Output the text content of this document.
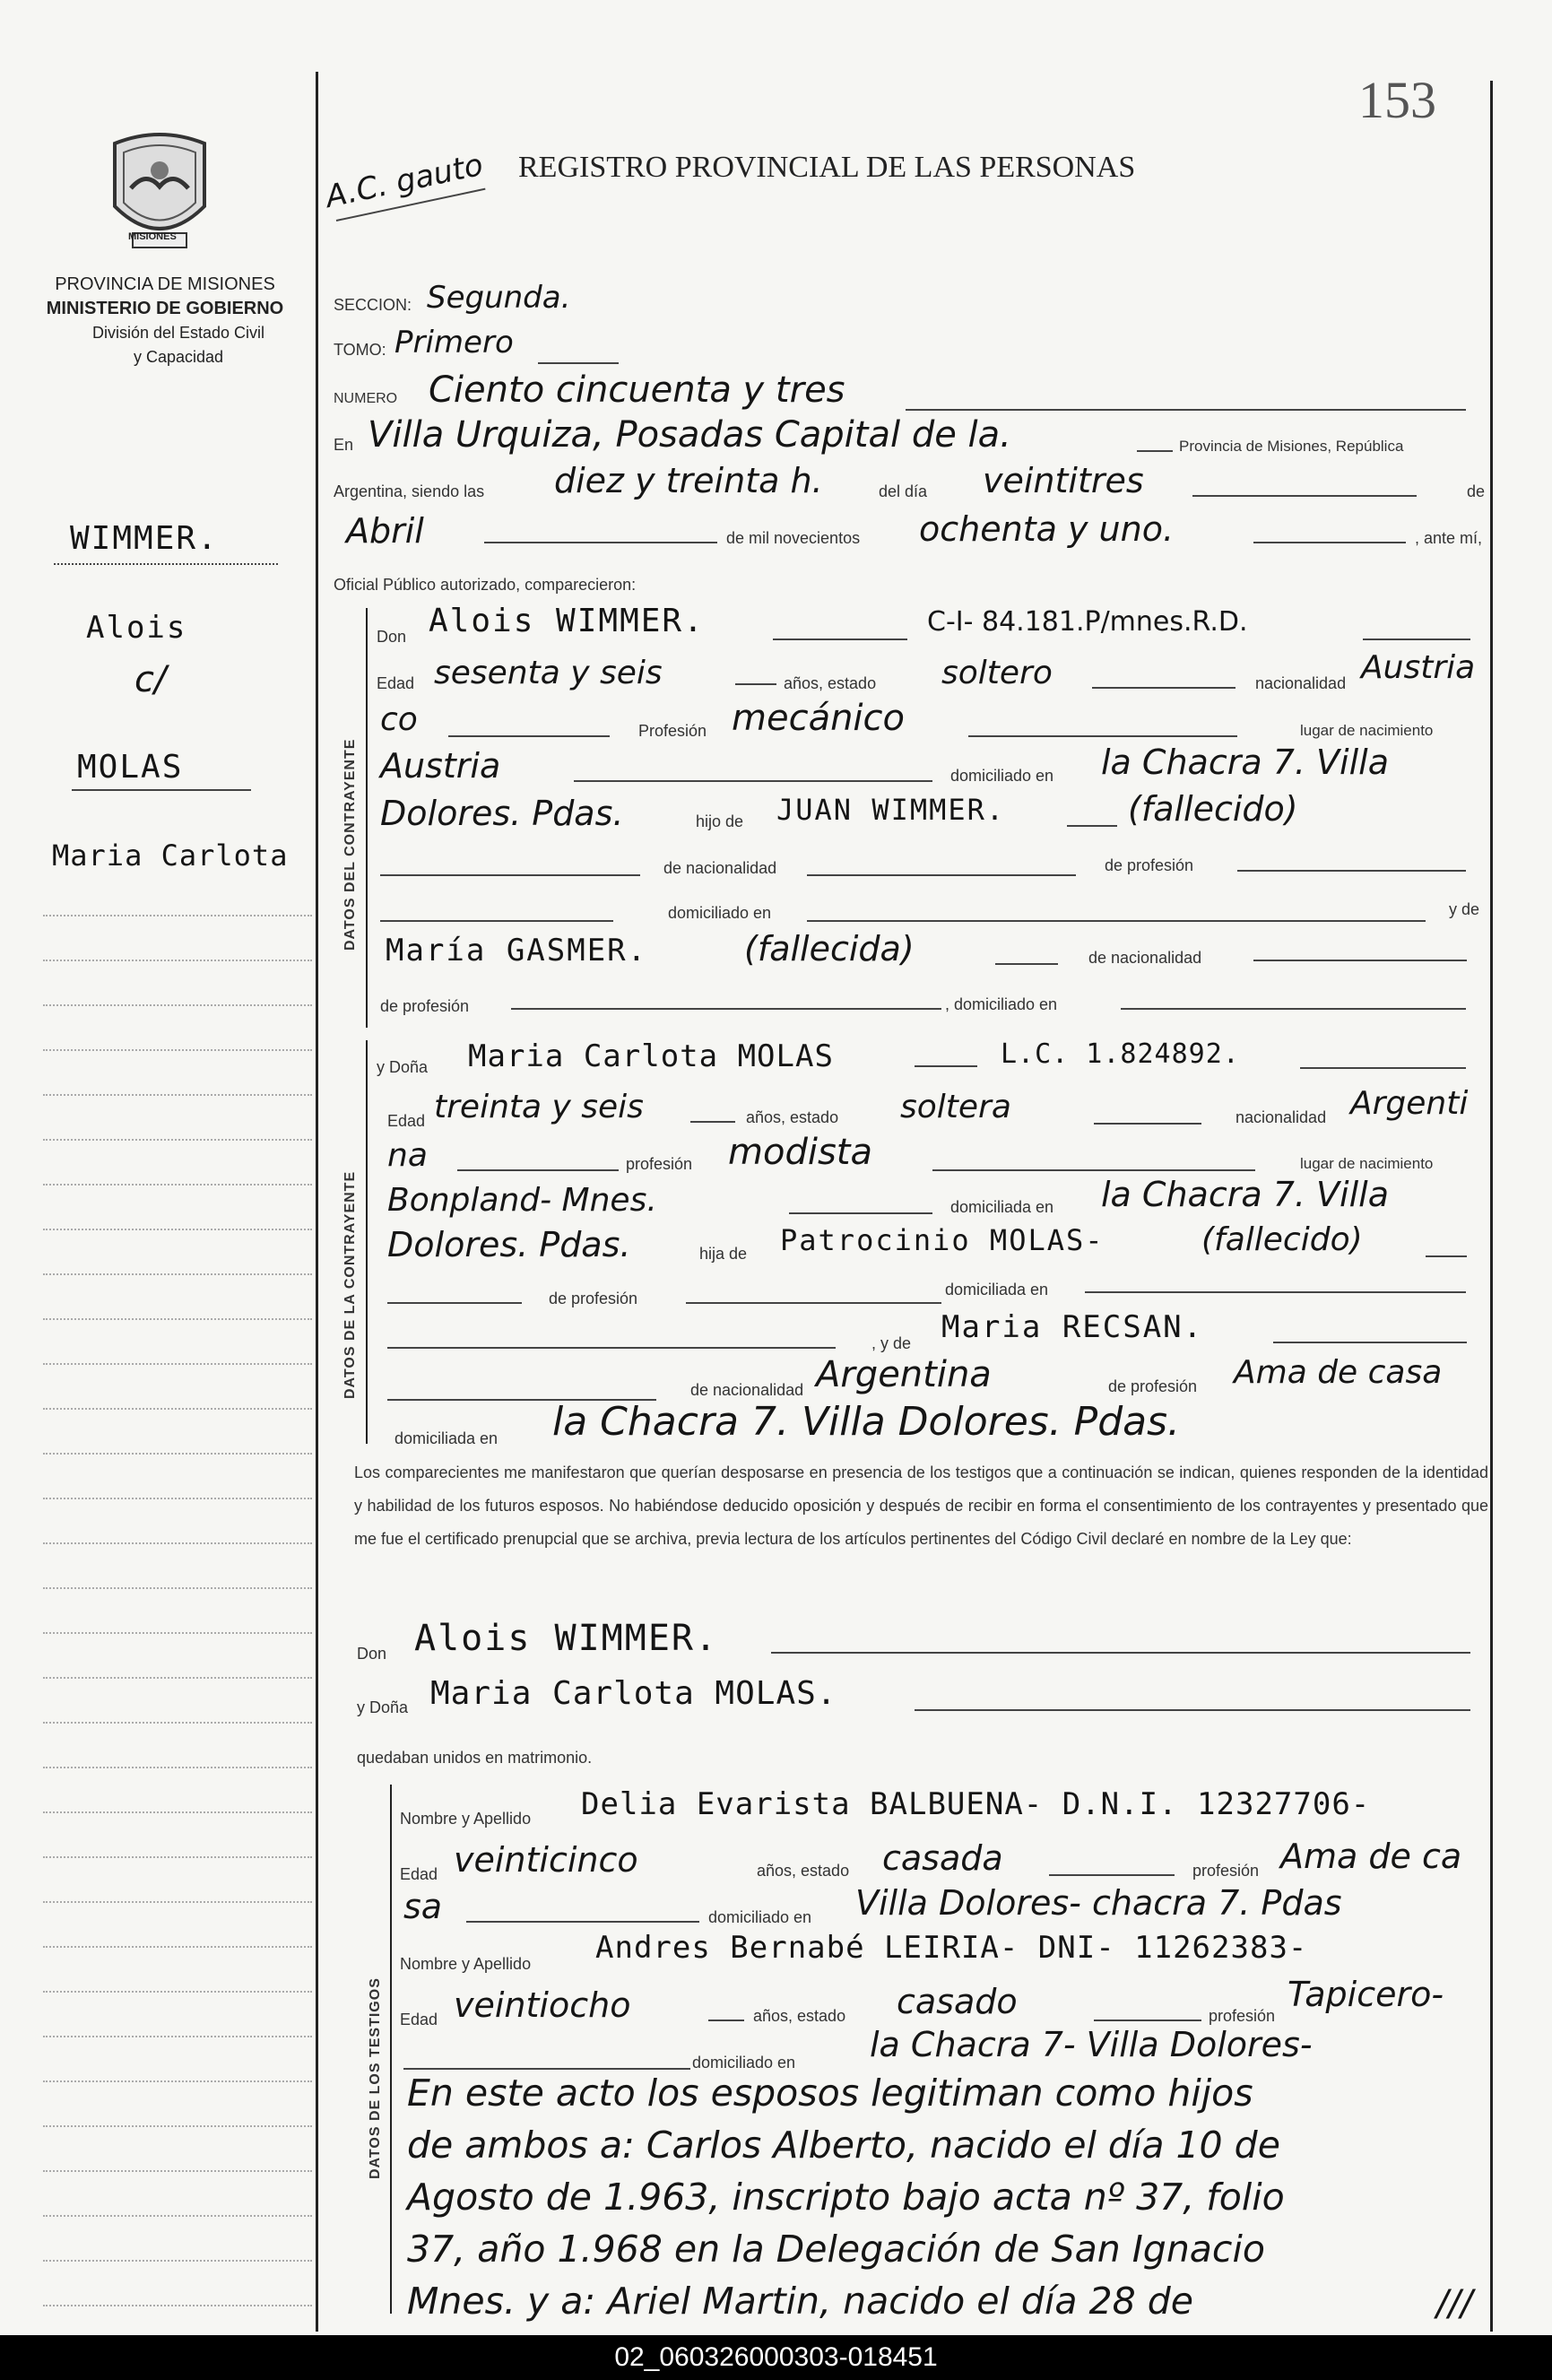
153
MISIONES
PROVINCIA DE MISIONES
MINISTERIO DE GOBIERNO
División del Estado Civil
y Capacidad
A.C. gauto REGISTRO PROVINCIAL DE LAS PERSONAS
WIMMER.
Alois
c/
MOLAS
Maria Carlota
SECCION: Segunda.
TOMO: Primero
NUMERO Ciento cincuenta y tres
En Villa Urquiza, Posadas Capital de la.	Provincia de Misiones, República
Argentina, siendo las diez y treinta h.	del día veintitres	de
Abril	de mil novecientos ochenta y uno.	, ante mí,
Oficial Público autorizado, comparecieron:
DATOS DEL CONTRAYENTE
Don Alois WIMMER.	C-I- 84.181.P/mnes.R.D.
Edad sesenta y seis	años, estado soltero	nacionalidad Austria
co	Profesión mecánico	lugar de nacimiento
Austria	domiciliado en la Chacra 7. Villa
Dolores. Pdas.	hijo de JUAN WIMMER.	(fallecido)
de nacionalidad	de profesión
domiciliado en	y de
María GASMER.	(fallecida)	de nacionalidad
de profesión	, domiciliado en
DATOS DE LA CONTRAYENTE
y Doña Maria Carlota MOLAS	L.C. 1.824892.
Edad treinta y seis	años, estado soltera	nacionalidad Argenti
na	profesión modista	lugar de nacimiento
Bonpland- Mnes.	domiciliada en la Chacra 7. Villa
Dolores. Pdas.	hija de Patrocinio MOLAS-	(fallecido)
de profesión	domiciliada en
, y de Maria RECSAN.
de nacionalidad Argentina	de profesión Ama de casa
domiciliada en la Chacra 7. Villa Dolores. Pdas.
Los comparecientes me manifestaron que querían desposarse en presencia de los testigos que a continuación se indican, quienes responden de la identidad y habilidad de los futuros esposos. No habiéndose deducido oposición y después de recibir en forma el consentimiento de los contrayentes y presentado que me fue el certificado prenupcial que se archiva, previa lectura de los artículos pertinentes del Código Civil declaré en nombre de la Ley que:
Don Alois WIMMER.
y Doña Maria Carlota MOLAS.
quedaban unidos en matrimonio.
DATOS DE LOS TESTIGOS
Nombre y Apellido Delia Evarista BALBUENA- D.N.I. 12327706-
Edad veinticinco	años, estado casada	profesión Ama de ca
sa	domiciliado en Villa Dolores- chacra 7. Pdas
Nombre y Apellido Andres Bernabé LEIRIA- DNI- 11262383-
Edad veintiocho	años, estado casado	profesión
Tapicero-
domiciliado en la Chacra 7- Villa Dolores-
En este acto los esposos legitiman como hijos
de ambos a: Carlos Alberto, nacido el día 10 de
Agosto de 1.963, inscripto bajo acta nº 37, folio
37, año 1.968 en la Delegación de San Ignacio
Mnes. y a: Ariel Martin, nacido el día 28 de	///
02_060326000303-018451
